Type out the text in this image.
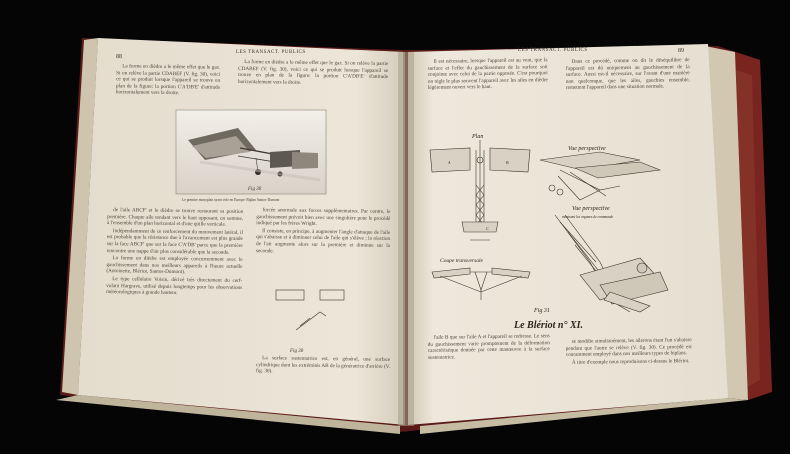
Fig 30
Le premier monoplan ayant vole en Europe: Biplan Santos-Dumont
Fig 30
Plan
Vue perspective
Vue perspective
montrant les organes de commande
Coupe transversale
A	B
C
Fig 31
Le Blériot n° XI.
88
LES TRANSACT. PUBLICS	LES TRANSACT. PUBLICS	89

La forme en dièdre a le même effet que le gaz. Si on relève la partie CDABEF (V. fig. 30), voici ce qui se produit lorsque l'appareil se trouve en plan de la figure: la portion C'A'DB'E' d'attitude horizontalement vers la droite.

La forme en dièdre a le même effet que le gaz. Si on relève la partie CDABEF (V. fig. 30), voici ce qui se produit lorsque l'appareil se trouve en plan de la figure: la portion C'A'DB'E' d'attitude horizontalement vers la droite.

de l'aile ABCF' et le dièdre se trouve restaurant sa position première. Chaque aile tendant vers le haut opposant, en somme, à l'ensemble d'un plan horizontal et d'une quille verticale.

Indépendamment de ce renforcement du mouvement latéral, il est probable que la résistance due à l'avancement est plus grande sur la face ABCF' que sur la face C'A'DB' parce que la première rencontre une nappe d'air plus considérable que la seconde.

La forme en dièdre est employée concurremment avec le gauchissement dans nos meilleurs appareils à l'heure actuelle (Antoinette, Blériot, Santos-Dumont).

Le type cellulaire Voisin, dérivé très directement du cerf-volant Hargrave, utilisé depuis longtemps pour les observations météorologiques à grande hauteur.

forcée anormale aux forces supplémentaires. Par contre, le gauchissement prévoit bien avec une singulière pour le procédé indiqué par les frères Wright.

Il consiste, en principe, à augmenter l'angle d'attaque de l'aile qui s'abaisse et à diminuer celui de l'aile qui s'élève ; la réaction de l'air augmente alors sur la première et diminue sur la seconde.

La surface sustentatrice est, en général, une surface cylindrique dont les extrémités AB de la génératrice d'arrière (V. fig. 30).

Il est nécessaire, lorsque l'appareil est au vent, que la surface et l'effet du gauchissement de la surface soit conjointe avec celui de la partie opposée. C'est pourquoi on règle le plus souvent l'appareil avec les ailes en dièdre légèrement ouvert vers le haut.

Dans ce procédé, comme on dit le déséquilibre de l'appareil est dû uniquement au gauchissement de la surface. Aussi est-il nécessaire, sur l'avant d'une manière non quelconque, que les ailes, gauchies ensemble, remettent l'appareil dans une situation normale.

l'aile B que sur l'aile A et l'appareil se redresse. Le sens du gauchissement varie promptement de la déformation caractéristique donnée par cette manœuvre à la surface sustentatrice.

se modifie simultanément, les ailerons étant l'un s'abaisse pendant que l'autre se relève (V. fig. 30). Ce procédé est couramment employé dans nos meilleurs types de biplans.

À titre d'exemple nous reproduisons ci-dessus le Blériot.
